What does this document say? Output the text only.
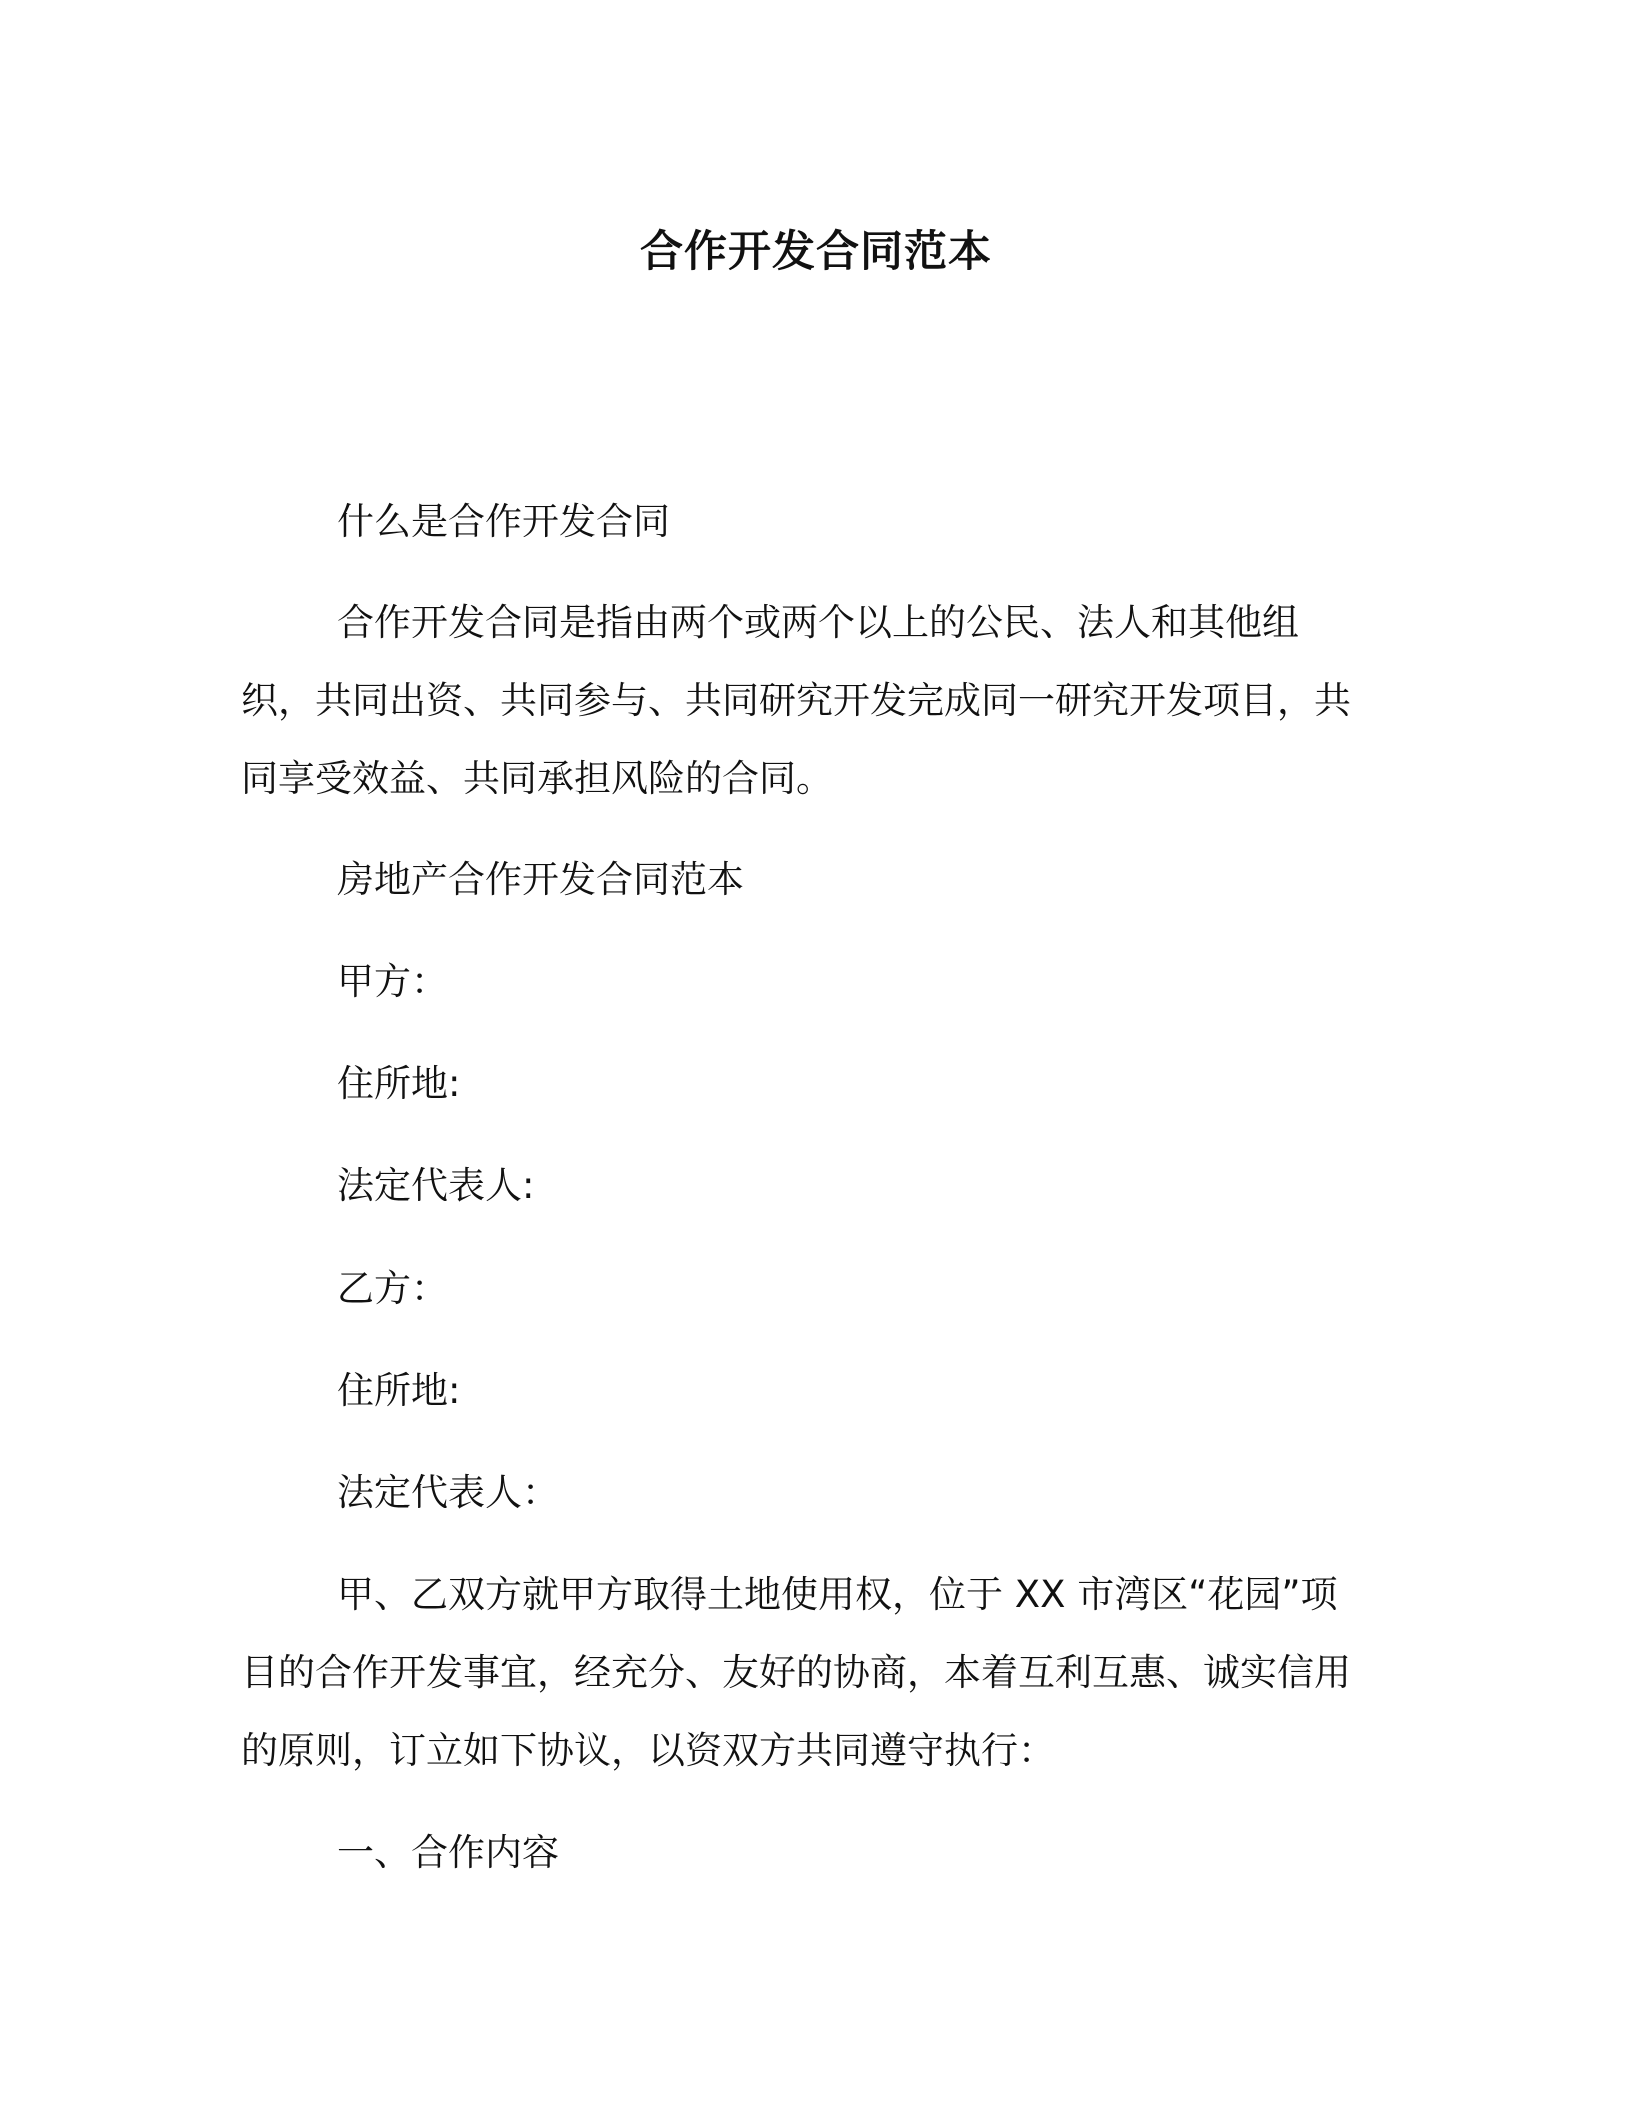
合作开发合同范本
什么是合作开发合同

合作开发合同是指由两个或两个以上的公民、法人和其他组织，共同出资、共同参与、共同研究开发完成同一研究开发项目，共同享受效益、共同承担风险的合同。

房地产合作开发合同范本
甲方：
住所地:
法定代表人:
乙方：
住所地:
法定代表人：

甲、乙双方就甲方取得土地使用权，位于 XX 市湾区“花园”项目的合作开发事宜，经充分、友好的协商，本着互利互惠、诚实信用的原则，订立如下协议，以资双方共同遵守执行：

一、合作内容
